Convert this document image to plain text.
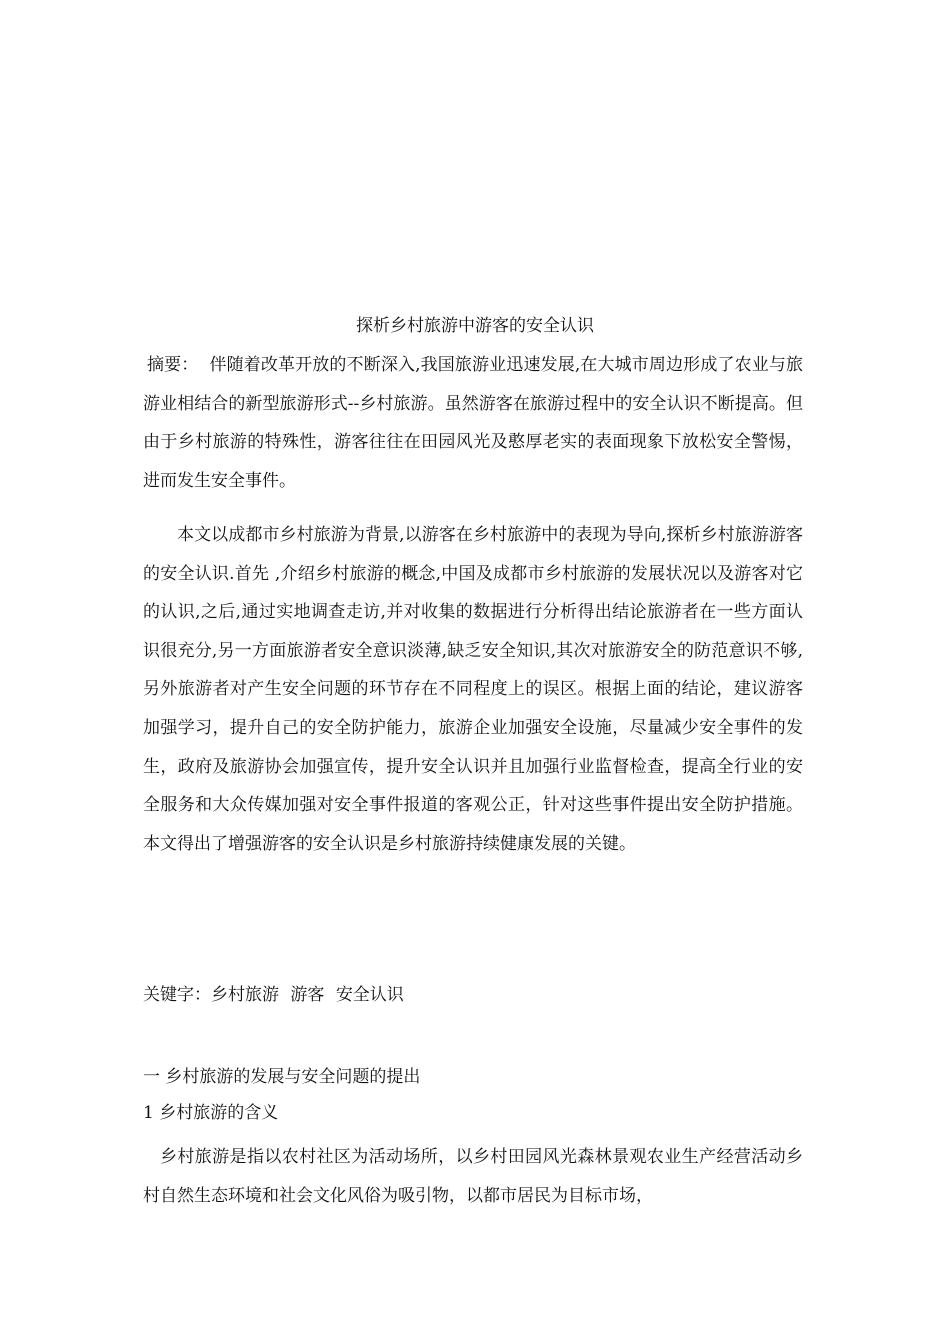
探析乡村旅游中游客的安全认识

摘要： 伴随着改革开放的不断深入,我国旅游业迅速发展,在大城市周边形成了农业与旅游业相结合的新型旅游形式--乡村旅游。虽然游客在旅游过程中的安全认识不断提高。但由于乡村旅游的特殊性，游客往往在田园风光及憨厚老实的表面现象下放松安全警惕，进而发生安全事件。

本文以成都市乡村旅游为背景,以游客在乡村旅游中的表现为导向,探析乡村旅游游客的安全认识.首先 ,介绍乡村旅游的概念,中国及成都市乡村旅游的发展状况以及游客对它的认识,之后,通过实地调查走访,并对收集的数据进行分析得出结论旅游者在一些方面认识很充分,另一方面旅游者安全意识淡薄,缺乏安全知识,其次对旅游安全的防范意识不够,另外旅游者对产生安全问题的环节存在不同程度上的误区。根据上面的结论，建议游客加强学习，提升自己的安全防护能力，旅游企业加强安全设施，尽量减少安全事件的发生，政府及旅游协会加强宣传，提升安全认识并且加强行业监督检查，提高全行业的安全服务和大众传媒加强对安全事件报道的客观公正，针对这些事件提出安全防护措施。本文得出了增强游客的安全认识是乡村旅游持续健康发展的关键。

关键字：乡村旅游 游客 安全认识

一 乡村旅游的发展与安全问题的提出
1 乡村旅游的含义

乡村旅游是指以农村社区为活动场所，以乡村田园风光森林景观农业生产经营活动乡村自然生态环境和社会文化风俗为吸引物，以都市居民为目标市场，
